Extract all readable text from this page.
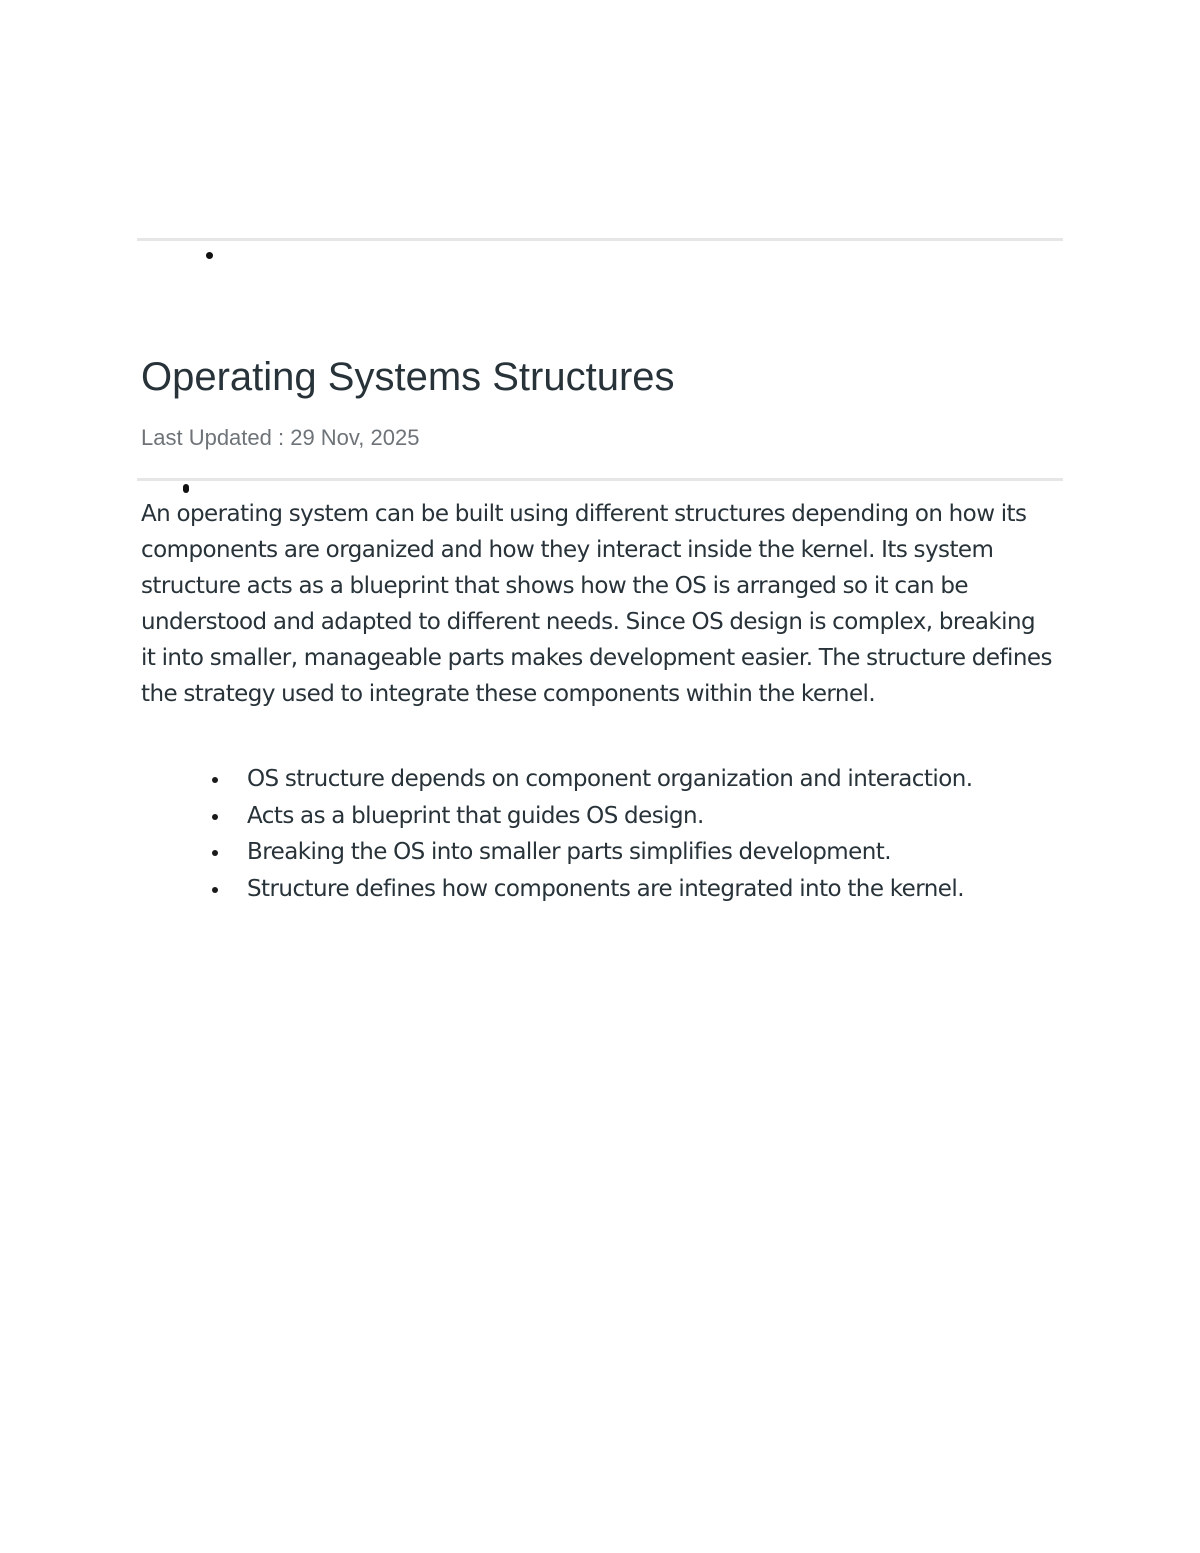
Operating Systems Structures
Last Updated : 29 Nov, 2025

An operating system can be built using different structures depending on how its components are organized and how they interact inside the kernel. Its system structure acts as a blueprint that shows how the OS is arranged so it can be understood and adapted to different needs. Since OS design is complex, breaking it into smaller, manageable parts makes development easier. The structure defines the strategy used to integrate these components within the kernel.

OS structure depends on component organization and interaction.
Acts as a blueprint that guides OS design.
Breaking the OS into smaller parts simplifies development.
Structure defines how components are integrated into the kernel.
